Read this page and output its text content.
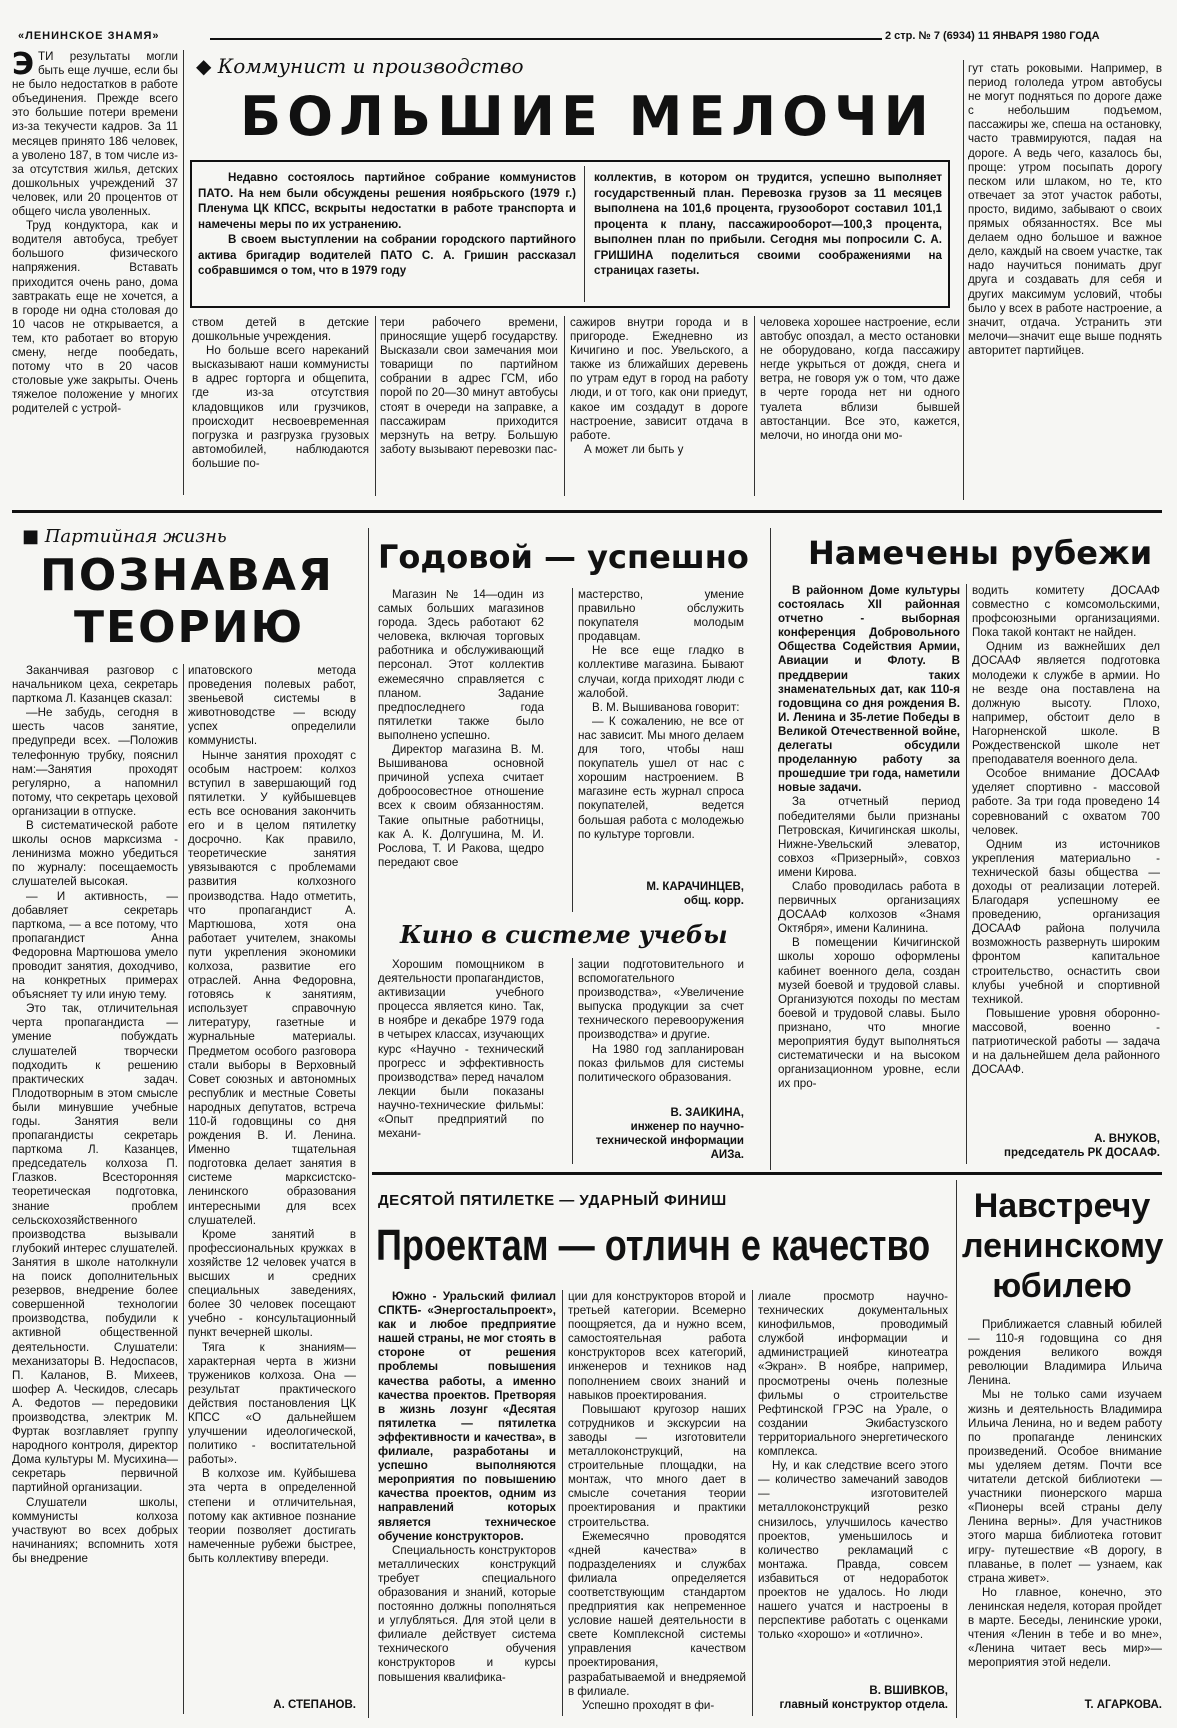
«ЛЕНИНСКОЕ ЗНАМЯ»	2 стр. № 7 (6934) 11 ЯНВАРЯ 1980 ГОДА
Э ТИ результаты могли быть еще лучше, если бы не было недостатков в работе объединения. Прежде всего это большие потери времени из-за текучести кадров. За 11 месяцев принято 186 человек, а уволено 187, в том числе из-за отсутствия жилья, детских дошкольных учреждений 37 человек, или 20 процентов от общего числа уволенных.

Труд кондуктора, как и водителя автобуса, требует большого физического напряжения. Вставать приходится очень рано, дома завтракать еще не хочется, а в городе ни одна столовая до 10 часов не открывается, а тем, кто работает во вторую смену, негде пообедать, потому что в 20 часов столовые уже закрыты. Очень тяжелое положение у многих родителей с устрой-

◆ Коммунист и производство
БОЛЬШИЕ МЕЛОЧИ

Недавно состоялось партийное собрание коммунистов ПАТО. На нем были обсуждены решения ноябрьского (1979 г.) Пленума ЦК КПСС, вскрыты недостатки в работе транспорта и намечены меры по их устранению.

В своем выступлении на собрании городского партийного актива бригадир водителей ПАТО С. А. Гришин рассказал собравшимся о том, что в 1979 году

коллектив, в котором он трудится, успешно выполняет государственный план. Перевозка грузов за 11 месяцев выполнена на 101,6 процента, грузооборот составил 101,1 процента к плану, пассажирооборот—100,3 процента, выполнен план по прибыли. Сегодня мы попросили С. А. ГРИШИНА поделиться своими соображениями на страницах газеты.

ством детей в детские дошкольные учреждения.

Но больше всего нареканий высказывают наши коммунисты в адрес горторга и общепита, где из-за отсутствия кладовщиков или грузчиков, происходит несвоевременная погрузка и разгрузка грузовых автомобилей, наблюдаются большие по-

тери рабочего времени, приносящие ущерб государству. Высказали свои замечания мои товарищи по партийном собрании в адрес ГСМ, ибо порой по 20—30 минут автобусы стоят в очереди на заправке, а пассажирам приходится мерзнуть на ветру. Большую заботу вызывают перевозки пас-

сажиров внутри города и в пригороде. Ежедневно из Кичигино и пос. Увельского, а также из ближайших деревень по утрам едут в город на работу люди, и от того, как они приедут, какое им создадут в дороге настроение, зависит отдача в работе.

А может ли быть у

человека хорошее настроение, если автобус опоздал, а место остановки не оборудовано, когда пассажиру негде укрыться от дождя, снега и ветра, не говоря уж о том, что даже в черте города нет ни одного туалета вблизи бывшей автостанции. Все это, кажется, мелочи, но иногда они мо-

гут стать роковыми. Например, в период гололеда утром автобусы не могут подняться по дороге даже с небольшим подъемом, пассажиры же, спеша на остановку, часто травмируются, падая на дороге. А ведь чего, казалось бы, проще: утром посыпать дорогу песком или шлаком, но те, кто отвечает за этот участок работы, просто, видимо, забывают о своих прямых обязанностях. Все мы делаем одно большое и важное дело, каждый на своем участке, так надо научиться понимать друг друга и создавать для себя и других максимум условий, чтобы было у всех в работе настроение, а значит, отдача. Устранить эти мелочи—значит еще выше поднять авторитет партийцев.

■ Партийная жизнь
ПОЗНАВАЯ
ТЕОРИЮ

Заканчивая разговор с начальником цеха, секретарь парткома Л. Казанцев сказал:

—Не забудь, сегодня в шесть часов занятие, предупреди всех. —Положив телефонную трубку, пояснил нам:—Занятия проходят регулярно, а напомнил потому, что секретарь цеховой организации в отпуске.

В систематической работе школы основ марксизма - ленинизма можно убедиться по журналу: посещаемость слушателей высокая.

— И активность, — добавляет секретарь парткома, — а все потому, что пропагандист Анна Федоровна Мартюшова умело проводит занятия, доходчиво, на конкретных примерах объясняет ту или иную тему.

Это так, отличительная черта пропагандиста — умение побуждать слушателей творчески подходить к решению практических задач. Плодотворным в этом смысле были минувшие учебные годы. Занятия вели пропагандисты секретарь парткома Л. Казанцев, председатель колхоза П. Глазков. Всесторонняя теоретическая подготовка, знание проблем сельскохозяйственного производства вызывали глубокий интерес слушателей. Занятия в школе натолкнули на поиск дополнительных резервов, внедрение более совершенной технологии производства, побудили к активной общественной деятельности. Слушатели: механизаторы В. Недоспасов, П. Каланов, В. Михеев, шофер А. Ческидов, слесарь А. Федотов — передовики производства, электрик М. Фуртак возглавляет группу народного контроля, директор Дома культуры М. Мусихина—секретарь первичной партийной организации.

Слушатели школы, коммунисты колхоза участвуют во всех добрых начинаниях; вспомнить хотя бы внедрение

ипатовского метода проведения полевых работ, звеньевой системы в животноводстве — всюду успех определили коммунисты.

Нынче занятия проходят с особым настроем: колхоз вступил в завершающий год пятилетки. У куйбышевцев есть все основания закончить его и в целом пятилетку досрочно. Как правило, теоретические занятия увязываются с проблемами развития колхозного производства. Надо отметить, что пропагандист А. Мартюшова, хотя она работает учителем, знакомы пути укрепления экономики колхоза, развитие его отраслей. Анна Федоровна, готовясь к занятиям, использует справочную литературу, газетные и журнальные материалы. Предметом особого разговора стали выборы в Верховный Совет союзных и автономных республик и местные Советы народных депутатов, встреча 110-й годовщины со дня рождения В. И. Ленина. Именно тщательная подготовка делает занятия в системе марксистско-ленинского образования интересными для всех слушателей.

Кроме занятий в профессиональных кружках в хозяйстве 12 человек учатся в высших и средних специальных заведениях, более 30 человек посещают учебно - консультационный пункт вечерней школы.

Тяга к знаниям— характерная черта в жизни тружеников колхоза. Она —результат практического действия постановления ЦК КПСС «О дальнейшем улучшении идеологической, политико - воспитательной работы».

В колхозе им. Куйбышева эта черта в определенной степени и отличительная, потому как активное познание теории позволяет достигать намеченные рубежи быстрее, быть коллективу впереди.

А. СТЕПАНОВ.
Годовой — успешно

Магазин № 14—один из самых больших магазинов города. Здесь работают 62 человека, включая торговых работника и обслуживающий персонал. Этот коллектив ежемесячно справляется с планом. Задание предпоследнего года пятилетки также было выполнено успешно.

Директор магазина В. М. Вышиванова основной причиной успеха считает доброосовестное отношение всех к своим обязанностям. Такие опытные работницы, как А. К. Долгушина, М. И. Рослова, Т. И Ракова, щедро передают свое

мастерство, умение правильно обслужить покупателя молодым продавцам.

Не все еще гладко в коллективе магазина. Бывают случаи, когда приходят люди с жалобой.

В. М. Вышиванова говорит:

— К сожалению, не все от нас зависит. Мы много делаем для того, чтобы наш покупатель ушел от нас с хорошим настроением. В магазине есть журнал спроса покупателей, ведется большая работа с молодежью по культуре торговли.

М. КАРАЧИНЦЕВ,
общ. корр.
Кино в системе учебы

Хорошим помощником в деятельности пропагандистов, активизации учебного процесса является кино. Так, в ноябре и декабре 1979 года в четырех классах, изучающих курс «Научно - технический прогресс и эффективность производства» перед началом лекции были показаны научно-технические фильмы: «Опыт предприятий по механи-

зации подготовительного и вспомогательного производства», «Увеличение выпуска продукции за счет технического перевооружения производства» и другие.

На 1980 год запланирован показ фильмов для системы политического образования.

В. ЗАИКИНА,
инженер по научно-технической информации АИЗа.
Намечены рубежи

В районном Доме культуры состоялась XII районная отчетно - выборная конференция Добровольного Общества Содействия Армии, Авиации и Флоту. В преддверии таких знаменательных дат, как 110-я годовщина со дня рождения В. И. Ленина и 35-летие Победы в Великой Отечественной войне, делегаты обсудили проделанную работу за прошедшие три года, наметили новые задачи.

За отчетный период победителями были признаны Петровская, Кичигинская школы, Нижне-Увельский элеватор, совхоз «Призерный», совхоз имени Кирова.

Слабо проводилась работа в первичных организациях ДОСААФ колхозов «Знамя Октября», имени Калинина.

В помещении Кичигинской школы хорошо оформлены кабинет военного дела, создан музей боевой и трудовой славы. Организуются походы по местам боевой и трудовой славы. Было признано, что многие мероприятия будут выполняться систематически и на высоком организационном уровне, если их про-

водить комитету ДОСААФ совместно с комсомольскими, профсоюзными организациями. Пока такой контакт не найден.

Одним из важнейших дел ДОСААФ является подготовка молодежи к службе в армии. Но не везде она поставлена на должную высоту. Плохо, например, обстоит дело в Нагорненской школе. В Рождественской школе нет преподавателя военного дела.

Особое внимание ДОСААФ уделяет спортивно - массовой работе. За три года проведено 14 соревнований с охватом 700 человек.

Одним из источников укрепления материально - технической базы общества — доходы от реализации лотерей. Благодаря успешному ее проведению, организация ДОСААФ района получила возможность развернуть широким фронтом капитальное строительство, оснастить свои клубы учебной и спортивной техникой.

Повышение уровня оборонно-массовой, военно - патриотической работы — задача и на дальнейшем дела районного ДОСААФ.

А. ВНУКОВ,
председатель РК ДОСААФ.
ДЕСЯТОЙ ПЯТИЛЕТКЕ — УДАРНЫЙ ФИНИШ
Проектам — отличн е качество

Южно - Уральский филиал СПКТБ- «Энергостальпроект», как и любое предприятие нашей страны, не мог стоять в стороне от решения проблемы повышения качества работы, а именно качества проектов. Претворяя в жизнь лозунг «Десятая пятилетка — пятилетка эффективности и качества», в филиале, разработаны и успешно выполняются мероприятия по повышению качества проектов, одним из направлений которых является техническое обучение конструкторов.

Специальность конструкторов металлических конструкций требует специального образования и знаний, которые постоянно должны пополняться и углубляться. Для этой цели в филиале действует система технического обучения конструкторов и курсы повышения квалифика-

ции для конструкторов второй и третьей категории. Всемерно поощряется, да и нужно всем, самостоятельная работа конструкторов всех категорий, инженеров и техников над пополнением своих знаний и навыков проектирования.

Повышают кругозор наших сотрудников и экскурсии на заводы — изготовители металлоконструкций, на строительные площадки, на монтаж, что много дает в смысле сочетания теории проектирования и практики строительства.

Ежемесячно проводятся «дней качества» в подразделениях и службах филиала определяется соответствующим стандартом предприятия как непременное условие нашей деятельности в свете Комплексной системы управления качеством проектирования, разрабатываемой и внедряемой в филиале.

Успешно проходят в фи-

лиале просмотр научно-технических документальных кинофильмов, проводимый службой информации и администрацией кинотеатра «Экран». В ноябре, например, просмотрены очень полезные фильмы о строительстве Рефтинской ГРЭС на Урале, о создании Экибастузского территориального энергетического комплекса.

Ну, и как следствие всего этого — количество замечаний заводов — изготовителей металлоконструкций резко снизилось, улучшилось качество проектов, уменьшилось и количество рекламаций с монтажа. Правда, совсем избавиться от недоработок проектов не удалось. Но люди нашего учатся и настроены в перспективе работать с оценками только «хорошо» и «отлично».

В. ВШИВКОВ,
главный конструктор отдела.
Навстречу
ленинскому
юбилею

Приближается славный юбилей — 110-я годовщина со дня рождения великого вождя революции Владимира Ильича Ленина.

Мы не только сами изучаем жизнь и деятельность Владимира Ильича Ленина, но и ведем работу по пропаганде ленинских произведений. Особое внимание мы уделяем детям. Почти все читатели детской библиотеки — участники пионерского марша «Пионеры всей страны делу Ленина верны». Для участников этого марша библиотека готовит игру- путешествие «В дорогу, в плаванье, в полет — узнаем, как страна живет».

Но главное, конечно, это ленинская неделя, которая пройдет в марте. Беседы, ленинские уроки, чтения «Ленин в тебе и во мне», «Ленина читает весь мир»—мероприятия этой недели.

Т. АГАРКОВА.
